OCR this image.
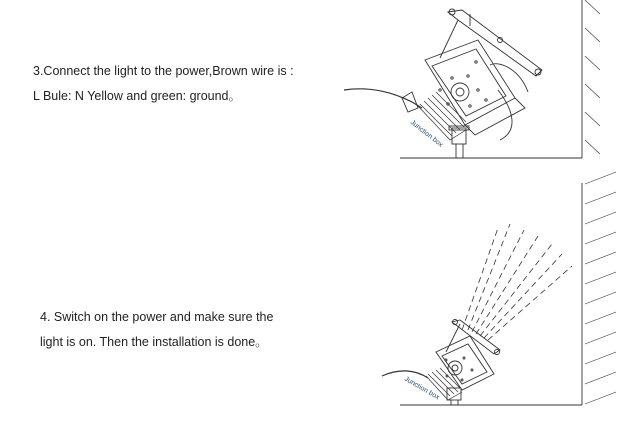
3.Connect the light to the power,Brown wire is :
L Bule: N Yellow and green: ground。
4. Switch on the power and make sure the
light is on. Then the installation is done。
Junction box
Junction box
